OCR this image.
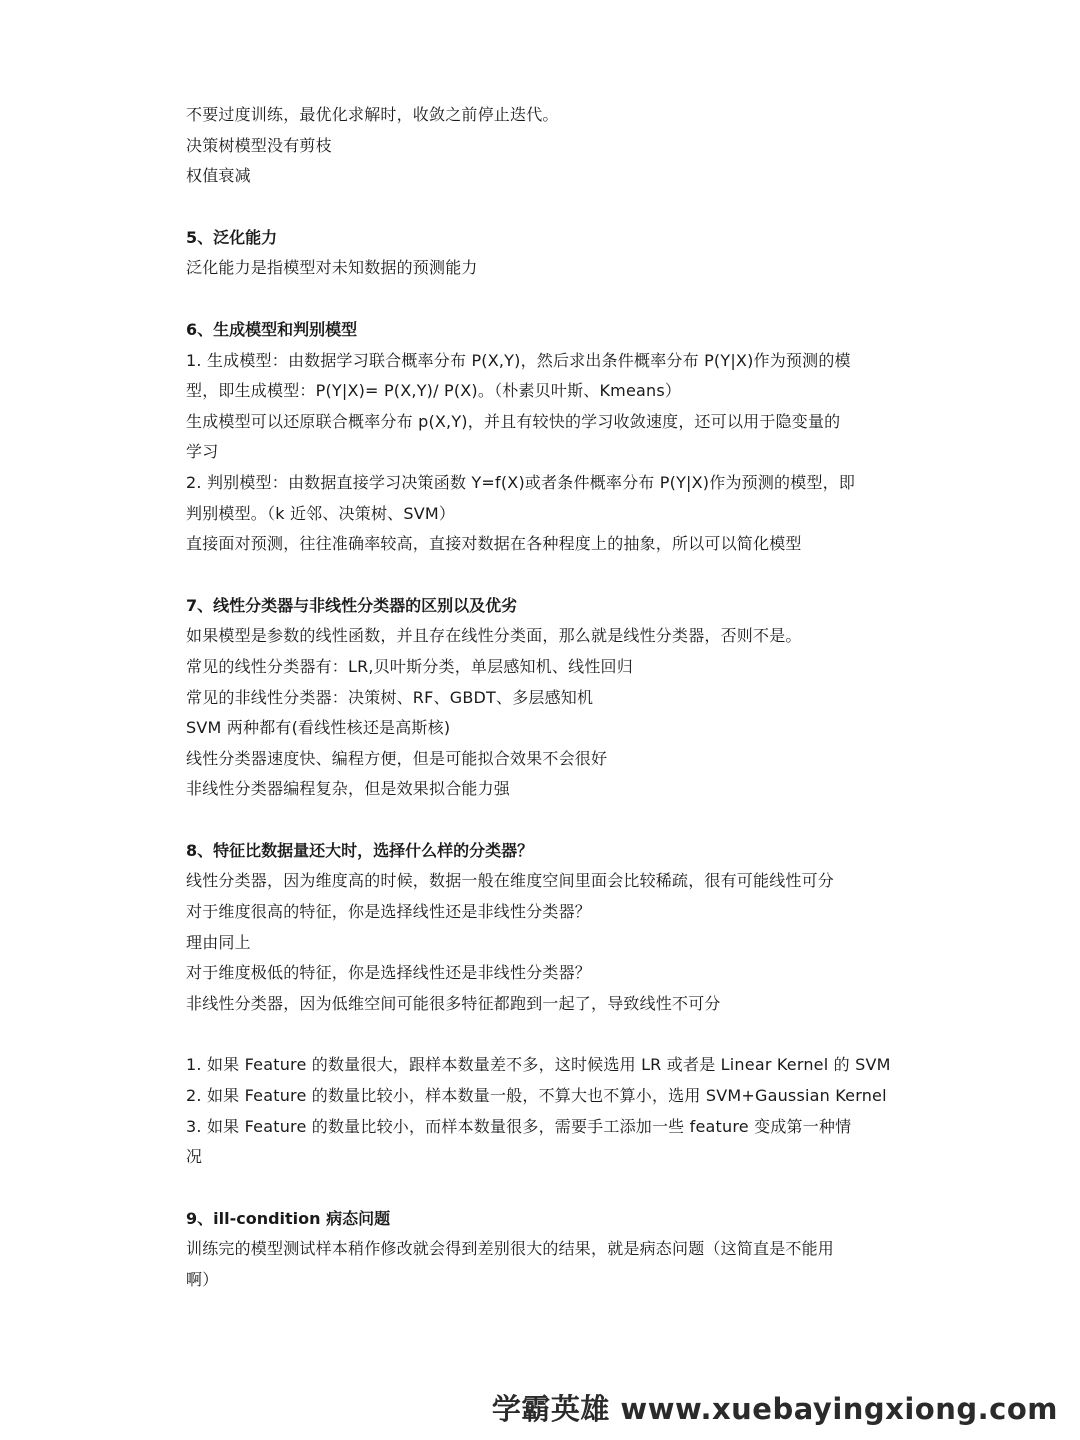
不要过度训练，最优化求解时，收敛之前停止迭代。
决策树模型没有剪枝
权值衰减
5、泛化能力
泛化能力是指模型对未知数据的预测能力
6、生成模型和判别模型
1. 生成模型：由数据学习联合概率分布 P(X,Y)，然后求出条件概率分布 P(Y|X)作为预测的模
型，即生成模型：P(Y|X)= P(X,Y)/ P(X)。（朴素贝叶斯、Kmeans）
生成模型可以还原联合概率分布 p(X,Y)，并且有较快的学习收敛速度，还可以用于隐变量的
学习
2. 判别模型：由数据直接学习决策函数 Y=f(X)或者条件概率分布 P(Y|X)作为预测的模型，即
判别模型。（k 近邻、决策树、SVM）
直接面对预测，往往准确率较高，直接对数据在各种程度上的抽象，所以可以简化模型
7、线性分类器与非线性分类器的区别以及优劣
如果模型是参数的线性函数，并且存在线性分类面，那么就是线性分类器，否则不是。
常见的线性分类器有：LR,贝叶斯分类，单层感知机、线性回归
常见的非线性分类器：决策树、RF、GBDT、多层感知机
SVM 两种都有(看线性核还是高斯核)
线性分类器速度快、编程方便，但是可能拟合效果不会很好
非线性分类器编程复杂，但是效果拟合能力强
8、特征比数据量还大时，选择什么样的分类器？
线性分类器，因为维度高的时候，数据一般在维度空间里面会比较稀疏，很有可能线性可分
对于维度很高的特征，你是选择线性还是非线性分类器？
理由同上
对于维度极低的特征，你是选择线性还是非线性分类器？
非线性分类器，因为低维空间可能很多特征都跑到一起了，导致线性不可分
1. 如果 Feature 的数量很大，跟样本数量差不多，这时候选用 LR 或者是 Linear Kernel 的 SVM
2. 如果 Feature 的数量比较小，样本数量一般，不算大也不算小，选用 SVM+Gaussian Kernel
3. 如果 Feature 的数量比较小，而样本数量很多，需要手工添加一些 feature 变成第一种情
况
9、ill-condition 病态问题
训练完的模型测试样本稍作修改就会得到差别很大的结果，就是病态问题（这简直是不能用
啊）
学霸英雄 www.xuebayingxiong.com
